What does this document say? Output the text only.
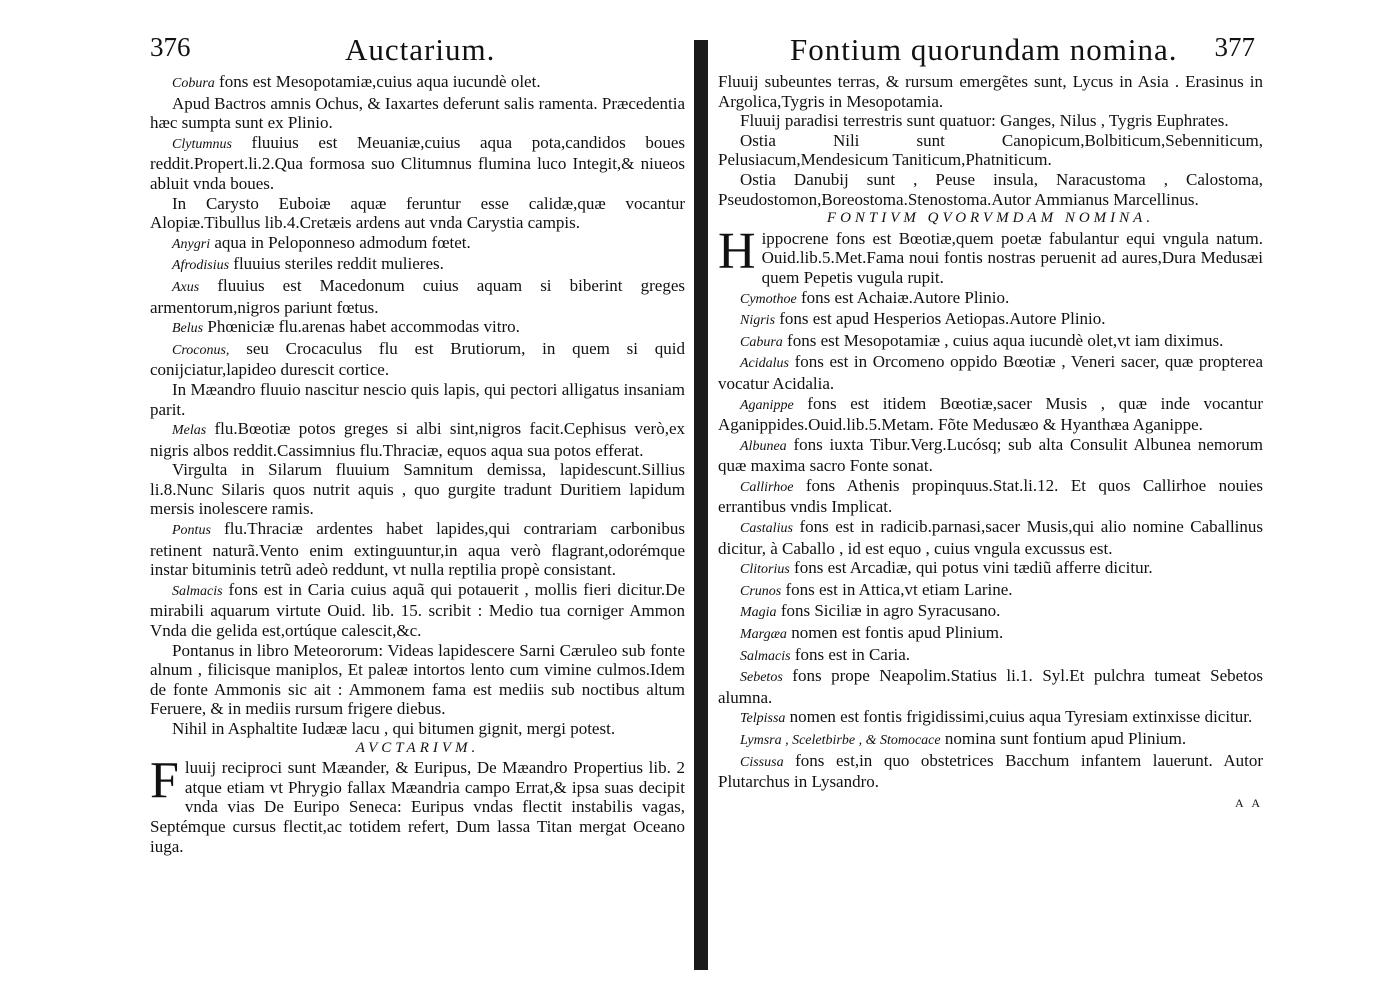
376	Auctarium.

Cobura fons est Mesopotamiæ,cuius aqua iucundè olet.

Apud Bactros amnis Ochus, & Iaxartes deferunt salis ramenta. Præcedentia hæc sumpta sunt ex Plinio.

Clytumnus fluuius est Meuaniæ,cuius aqua pota,candidos boues reddit.Propert.li.2.Qua formosa suo Clitumnus flumina luco Integit,& niueos abluit vnda boues.

In Carysto Euboiæ aquæ feruntur esse calidæ,quæ vocantur Alopiæ.Tibullus lib.4.Cretæis ardens aut vnda Carystia campis.

Anygri aqua in Peloponneso admodum fœtet.

Afrodisius fluuius steriles reddit mulieres.

Axus fluuius est Macedonum cuius aquam si biberint greges armentorum,nigros pariunt fœtus.

Belus Phœniciæ flu.arenas habet accommodas vitro.

Croconus, seu Crocaculus flu est Brutiorum, in quem si quid conijciatur,lapideo durescit cortice.

In Mæandro fluuio nascitur nescio quis lapis, qui pectori alligatus insaniam parit.

Melas flu.Bœotiæ potos greges si albi sint,nigros facit.Cephisus verò,ex nigris albos reddit.Cassimnius flu.Thraciæ, equos aqua sua potos efferat.

Virgulta in Silarum fluuium Samnitum demissa, lapidescunt.Sillius li.8.Nunc Silaris quos nutrit aquis , quo gurgite tradunt Duritiem lapidum mersis inolescere ramis.

Pontus flu.Thraciæ ardentes habet lapides,qui contrariam carbonibus retinent naturã.Vento enim extinguuntur,in aqua verò flagrant,odorémque instar bituminis tetrũ adeò reddunt, vt nulla reptilia propè consistant.

Salmacis fons est in Caria cuius aquã qui potauerit , mollis fieri dicitur.De mirabili aquarum virtute Ouid. lib. 15. scribit : Medio tua corniger Ammon Vnda die gelida est,ortúque calescit,&c.

Pontanus in libro Meteororum: Videas lapidescere Sarni Cæruleo sub fonte alnum , filicisque maniplos, Et paleæ intortos lento cum vimine culmos.Idem de fonte Ammonis sic ait : Ammonem fama est mediis sub noctibus altum Feruere, & in mediis rursum frigere diebus.

Nihil in Asphaltite Iudææ lacu , qui bitumen gignit, mergi potest.

AVCTARIVM.

Fluuij reciproci sunt Mæander, & Euripus, De Mæandro Propertius lib. 2 atque etiam vt Phrygio fallax Mæandria campo Errat,& ipsa suas decipit vnda vias De Euripo Seneca: Euripus vndas flectit instabilis vagas, Septémque cursus flectit,ac totidem refert, Dum lassa Titan mergat Oceano iuga.

Fontium quorundam nomina. 377

Fluuij subeuntes terras, & rursum emergẽtes sunt, Lycus in Asia . Erasinus in Argolica,Tygris in Mesopotamia.

Fluuij paradisi terrestris sunt quatuor: Ganges, Nilus , Tygris Euphrates.

Ostia Nili sunt Canopicum,Bolbiticum,Sebenniticum, Pelusiacum,Mendesicum Taniticum,Phatniticum.

Ostia Danubij sunt , Peuse insula, Naracustoma , Calostoma, Pseudostomon,Boreostoma.Stenostoma.Autor Ammianus Marcellinus.

FONTIVM QVORVMDAM NOMINA.

Hippocrene fons est Bœotiæ,quem poetæ fabulantur equi vngula natum. Ouid.lib.5.Met.Fama noui fontis nostras peruenit ad aures,Dura Medusæi quem Pepetis vugula rupit.

Cymothoe fons est Achaiæ.Autore Plinio.

Nigris fons est apud Hesperios Aetiopas.Autore Plinio.

Cabura fons est Mesopotamiæ , cuius aqua iucundè olet,vt iam diximus.

Acidalus fons est in Orcomeno oppido Bœotiæ , Veneri sacer, quæ propterea vocatur Acidalia.

Aganippe fons est itidem Bœotiæ,sacer Musis , quæ inde vocantur Aganippides.Ouid.lib.5.Metam. Fõte Medusæo & Hyanthæa Aganippe.

Albunea fons iuxta Tibur.Verg.Lucósq; sub alta Consulit Albunea nemorum quæ maxima sacro Fonte sonat.

Callirhoe fons Athenis propinquus.Stat.li.12. Et quos Callirhoe nouies errantibus vndis Implicat.

Castalius fons est in radicib.parnasi,sacer Musis,qui alio nomine Caballinus dicitur, à Caballo , id est equo , cuius vngula excussus est.

Clitorius fons est Arcadiæ, qui potus vini tædiũ afferre dicitur.

Crunos fons est in Attica,vt etiam Larine.

Magia fons Siciliæ in agro Syracusano.

Margæa nomen est fontis apud Plinium.

Salmacis fons est in Caria.

Sebetos fons prope Neapolim.Statius li.1. Syl.Et pulchra tumeat Sebetos alumna.

Telpissa nomen est fontis frigidissimi,cuius aqua Tyresiam extinxisse dicitur.

Lymsra , Sceletbirbe , & Stomocace nomina sunt fontium apud Plinium.

Cissusa fons est,in quo obstetrices Bacchum infantem lauerunt. Autor Plutarchus in Lysandro.

A A
